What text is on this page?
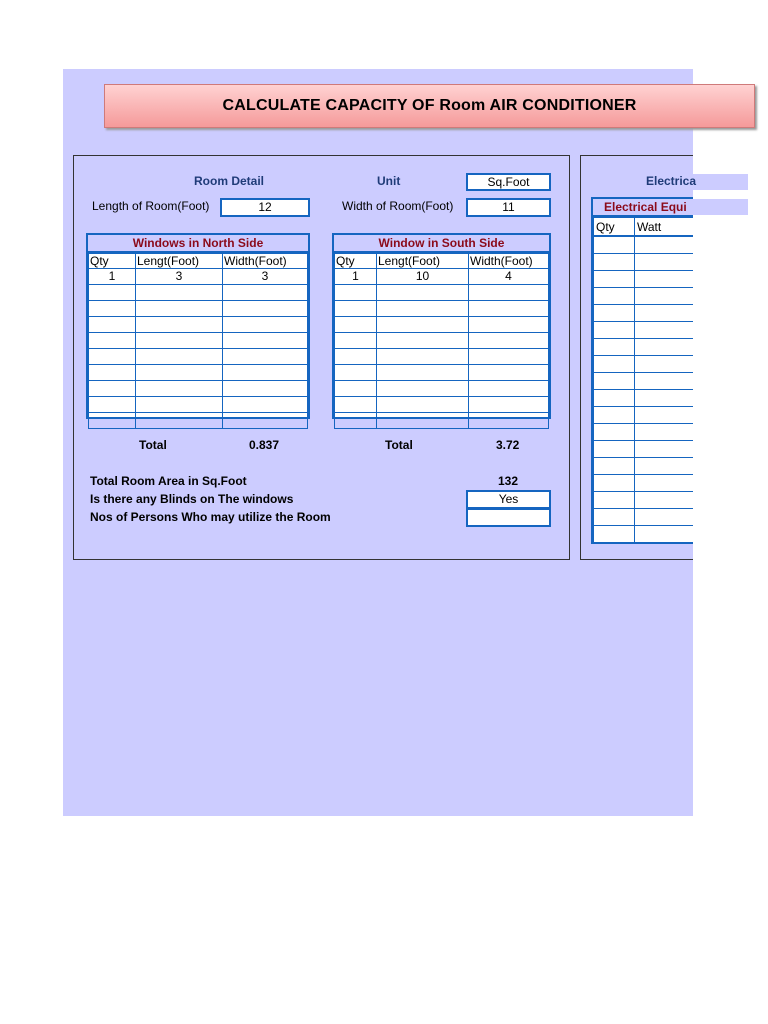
CALCULATE CAPACITY OF Room AIR CONDITIONER
Room Detail	Unit	Sq.Foot
Length of Room(Foot)	12	Width of Room(Foot)	11
Windows in North Side
Qty	Lengt(Foot)	Width(Foot)
1	3	3

Window in South Side
Qty	Lengt(Foot)	Width(Foot)
1	10	4

Total	0.837	Total	3.72
Total Room Area in Sq.Foot	132
Is there any Blinds on The windows	Yes
Nos of Persons Who may utilize the Room
Electrica
Electrical Equi
Qty	Watt
